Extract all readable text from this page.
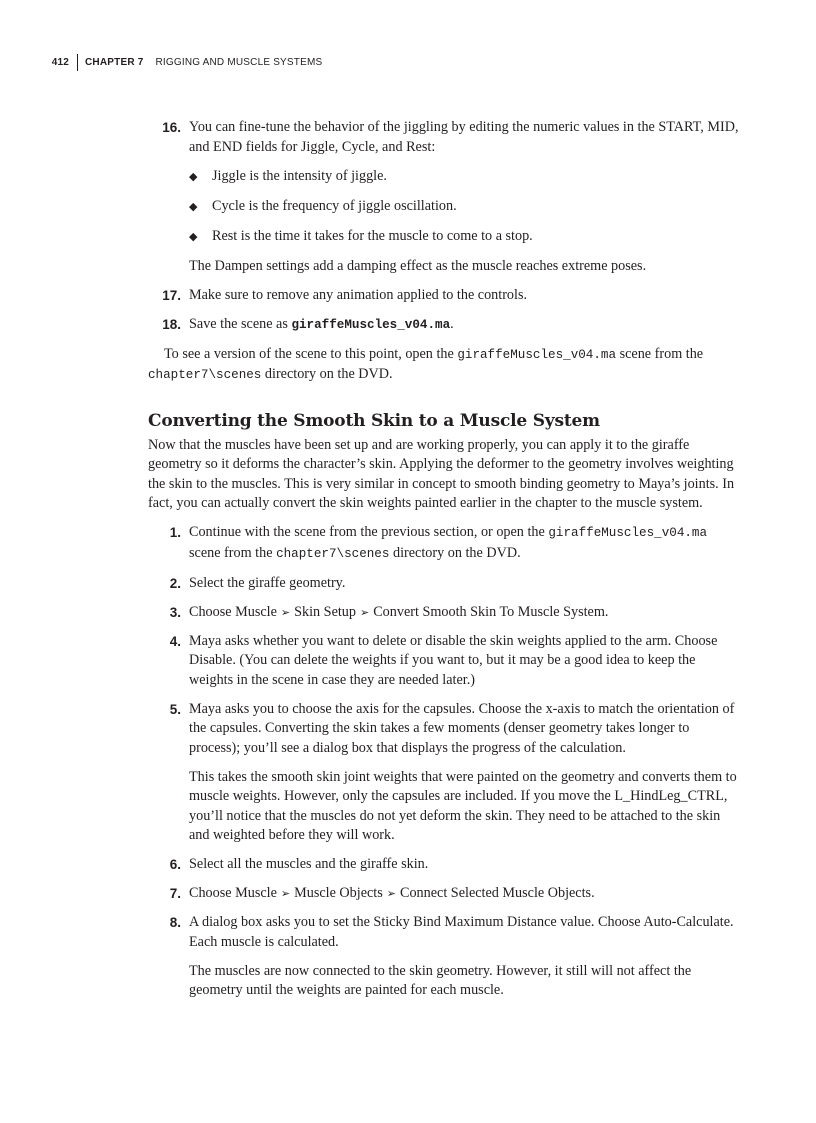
412	CHAPTER 7 RIGGING AND MUSCLE SYSTEMS
16. You can fine-tune the behavior of the jiggling by editing the numeric values in the START, MID, and END fields for Jiggle, Cycle, and Rest:

◆	Jiggle is the intensity of jiggle.
◆	Cycle is the frequency of jiggle oscillation.
◆	Rest is the time it takes for the muscle to come to a stop.

The Dampen settings add a damping effect as the muscle reaches extreme poses.

17. Make sure to remove any animation applied to the controls.

18. Save the scene as giraffeMuscles_v04.ma.

To see a version of the scene to this point, open the giraffeMuscles_v04.ma scene from the chapter7\scenes directory on the DVD.

Converting the Smooth Skin to a Muscle System

Now that the muscles have been set up and are working properly, you can apply it to the giraffe geometry so it deforms the character’s skin. Applying the deformer to the geometry involves weighting the skin to the muscles. This is very similar in concept to smooth binding geometry to Maya’s joints. In fact, you can actually convert the skin weights painted earlier in the chapter to the muscle system.

1. Continue with the scene from the previous section, or open the giraffeMuscles_v04.ma scene from the chapter7\scenes directory on the DVD.

2. Select the giraffe geometry.

3. Choose Muscle ➢ Skin Setup ➢ Convert Smooth Skin To Muscle System.

4. Maya asks whether you want to delete or disable the skin weights applied to the arm. Choose Disable. (You can delete the weights if you want to, but it may be a good idea to keep the weights in the scene in case they are needed later.)

5. Maya asks you to choose the axis for the capsules. Choose the x-axis to match the orientation of the capsules. Converting the skin takes a few moments (denser geometry takes longer to process); you’ll see a dialog box that displays the progress of the calculation.

This takes the smooth skin joint weights that were painted on the geometry and converts them to muscle weights. However, only the capsules are included. If you move the L_HindLeg_CTRL, you’ll notice that the muscles do not yet deform the skin. They need to be attached to the skin and weighted before they will work.

6. Select all the muscles and the giraffe skin.

7. Choose Muscle ➢ Muscle Objects ➢ Connect Selected Muscle Objects.

8. A dialog box asks you to set the Sticky Bind Maximum Distance value. Choose Auto-Calculate. Each muscle is calculated.

The muscles are now connected to the skin geometry. However, it still will not affect the geometry until the weights are painted for each muscle.
